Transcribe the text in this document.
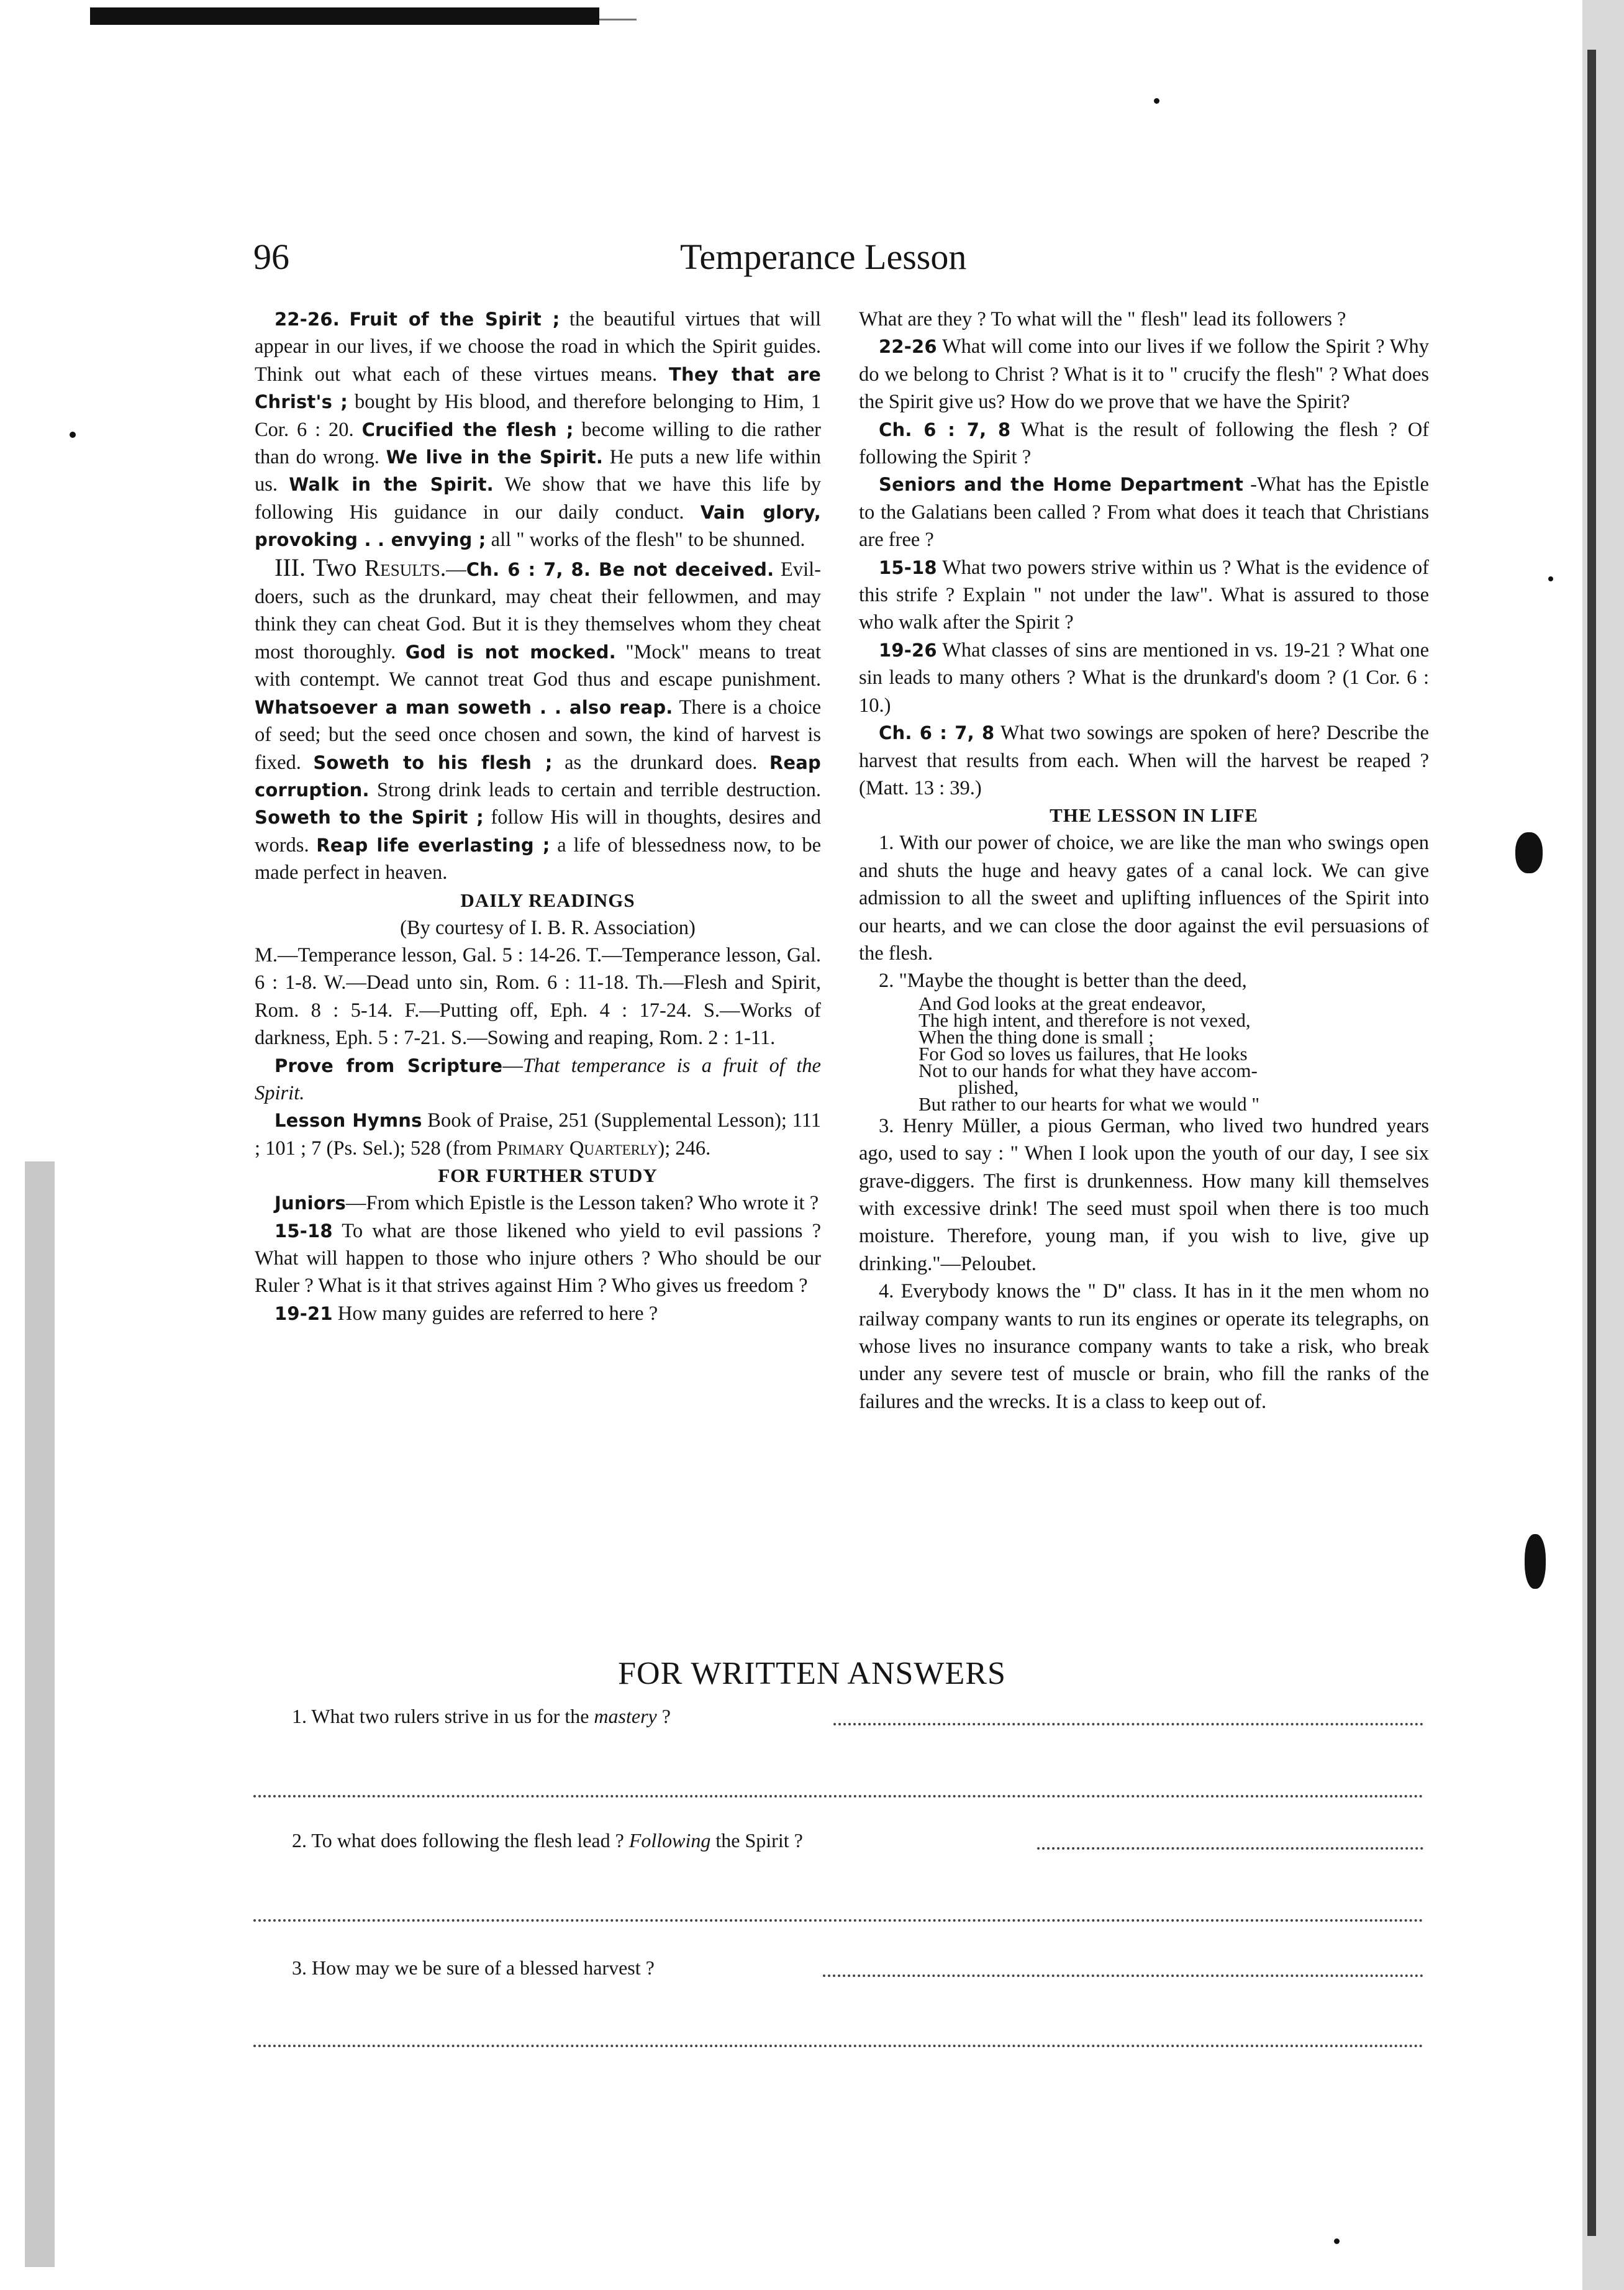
96	Temperance Lesson

22-26. Fruit of the Spirit ; the beautiful virtues that will appear in our lives, if we choose the road in which the Spirit guides. Think out what each of these virtues means. They that are Christ's ; bought by His blood, and therefore belonging to Him, 1 Cor. 6 : 20. Crucified the flesh ; become willing to die rather than do wrong. We live in the Spirit. He puts a new life within us. Walk in the Spirit. We show that we have this life by following His guidance in our daily conduct. Vain glory, provoking . . envying ; all " works of the flesh" to be shunned.

III. Two Results.—Ch. 6 : 7, 8. Be not deceived. Evil-doers, such as the drunkard, may cheat their fellowmen, and may think they can cheat God. But it is they themselves whom they cheat most thoroughly. God is not mocked. "Mock" means to treat with contempt. We cannot treat God thus and escape punishment. Whatsoever a man soweth . . also reap. There is a choice of seed; but the seed once chosen and sown, the kind of harvest is fixed. Soweth to his flesh ; as the drunkard does. Reap corruption. Strong drink leads to certain and terrible destruction. Soweth to the Spirit ; follow His will in thoughts, desires and words. Reap life everlasting ; a life of blessedness now, to be made perfect in heaven.

DAILY READINGS

(By courtesy of I. B. R. Association)

M.—Temperance lesson, Gal. 5 : 14-26. T.—Temperance lesson, Gal. 6 : 1-8. W.—Dead unto sin, Rom. 6 : 11-18. Th.—Flesh and Spirit, Rom. 8 : 5-14. F.—Putting off, Eph. 4 : 17-24. S.—Works of darkness, Eph. 5 : 7-21. S.—Sowing and reaping, Rom. 2 : 1-11.

Prove from Scripture—That temperance is a fruit of the Spirit.

Lesson Hymns Book of Praise, 251 (Supplemental Lesson); 111 ; 101 ; 7 (Ps. Sel.); 528 (from Primary Quarterly); 246.

FOR FURTHER STUDY

Juniors—From which Epistle is the Lesson taken? Who wrote it ?

15-18 To what are those likened who yield to evil passions ? What will happen to those who injure others ? Who should be our Ruler ? What is it that strives against Him ? Who gives us freedom ?

19-21 How many guides are referred to here ?

What are they ? To what will the " flesh" lead its followers ?

22-26 What will come into our lives if we follow the Spirit ? Why do we belong to Christ ? What is it to " crucify the flesh" ? What does the Spirit give us? How do we prove that we have the Spirit?

Ch. 6 : 7, 8 What is the result of following the flesh ? Of following the Spirit ?

Seniors and the Home Department -What has the Epistle to the Galatians been called ? From what does it teach that Christians are free ?

15-18 What two powers strive within us ? What is the evidence of this strife ? Explain " not under the law". What is assured to those who walk after the Spirit ?

19-26 What classes of sins are mentioned in vs. 19-21 ? What one sin leads to many others ? What is the drunkard's doom ? (1 Cor. 6 : 10.)

Ch. 6 : 7, 8 What two sowings are spoken of here? Describe the harvest that results from each. When will the harvest be reaped ? (Matt. 13 : 39.)

THE LESSON IN LIFE

1. With our power of choice, we are like the man who swings open and shuts the huge and heavy gates of a canal lock. We can give admission to all the sweet and uplifting influences of the Spirit into our hearts, and we can close the door against the evil persuasions of the flesh.

2. "Maybe the thought is better than the deed,

And God looks at the great endeavor,
The high intent, and therefore is not vexed,
When the thing done is small ;
For God so loves us failures, that He looks
Not to our hands for what they have accom-
plished,
But rather to our hearts for what we would "

3. Henry Müller, a pious German, who lived two hundred years ago, used to say : " When I look upon the youth of our day, I see six grave-diggers. The first is drunkenness. How many kill themselves with excessive drink! The seed must spoil when there is too much moisture. Therefore, young man, if you wish to live, give up drinking."—Peloubet.

4. Everybody knows the " D" class. It has in it the men whom no railway company wants to run its engines or operate its telegraphs, on whose lives no insurance company wants to take a risk, who break under any severe test of muscle or brain, who fill the ranks of the failures and the wrecks. It is a class to keep out of.

FOR WRITTEN ANSWERS
1. What two rulers strive in us for the mastery ?
2. To what does following the flesh lead ? Following the Spirit ?
3. How may we be sure of a blessed harvest ?
